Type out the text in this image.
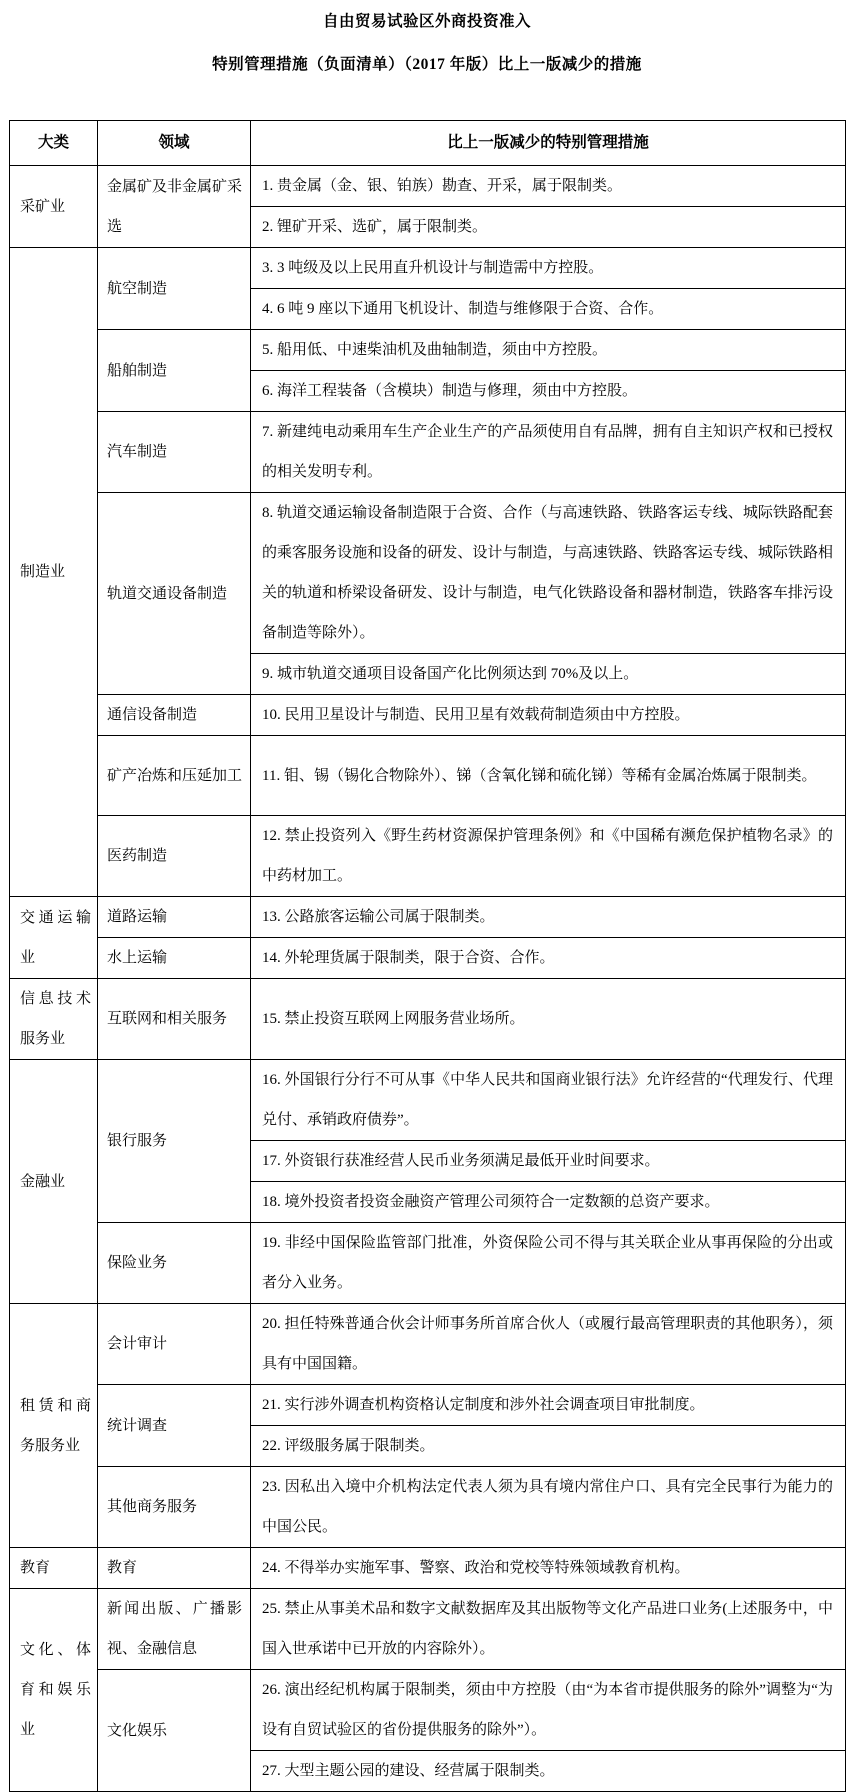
自由贸易试验区外商投资准入
特别管理措施（负面清单）（2017 年版）比上一版减少的措施
大类	领域	比上一版减少的特别管理措施
采矿业	金属矿及非金属矿采选	1. 贵金属（金、银、铂族）勘查、开采，属于限制类。
		2. 锂矿开采、选矿，属于限制类。
制造业	航空制造	3. 3 吨级及以上民用直升机设计与制造需中方控股。
		4. 6 吨 9 座以下通用飞机设计、制造与维修限于合资、合作。
	船舶制造	5. 船用低、中速柴油机及曲轴制造，须由中方控股。
		6. 海洋工程装备（含模块）制造与修理，须由中方控股。
	汽车制造	7. 新建纯电动乘用车生产企业生产的产品须使用自有品牌，拥有自主知识产权和已授权的相关发明专利。
	轨道交通设备制造	8. 轨道交通运输设备制造限于合资、合作（与高速铁路、铁路客运专线、城际铁路配套的乘客服务设施和设备的研发、设计与制造，与高速铁路、铁路客运专线、城际铁路相关的轨道和桥梁设备研发、设计与制造，电气化铁路设备和器材制造，铁路客车排污设备制造等除外）。
		9. 城市轨道交通项目设备国产化比例须达到 70%及以上。
	通信设备制造	10. 民用卫星设计与制造、民用卫星有效载荷制造须由中方控股。
	矿产冶炼和压延加工	11. 钼、锡（锡化合物除外）、锑（含氧化锑和硫化锑）等稀有金属冶炼属于限制类。
	医药制造	12. 禁止投资列入《野生药材资源保护管理条例》和《中国稀有濒危保护植物名录》的中药材加工。
交通运输业	道路运输	13. 公路旅客运输公司属于限制类。
	水上运输	14. 外轮理货属于限制类，限于合资、合作。
信息技术服务业	互联网和相关服务	15. 禁止投资互联网上网服务营业场所。
金融业	银行服务	16. 外国银行分行不可从事《中华人民共和国商业银行法》允许经营的“代理发行、代理兑付、承销政府债券”。
		17. 外资银行获准经营人民币业务须满足最低开业时间要求。
		18. 境外投资者投资金融资产管理公司须符合一定数额的总资产要求。
	保险业务	19. 非经中国保险监管部门批准，外资保险公司不得与其关联企业从事再保险的分出或者分入业务。
租赁和商务服务业	会计审计	20. 担任特殊普通合伙会计师事务所首席合伙人（或履行最高管理职责的其他职务），须具有中国国籍。
	统计调查	21. 实行涉外调查机构资格认定制度和涉外社会调查项目审批制度。
		22. 评级服务属于限制类。
	其他商务服务	23. 因私出入境中介机构法定代表人须为具有境内常住户口、具有完全民事行为能力的中国公民。
教育	教育	24. 不得举办实施军事、警察、政治和党校等特殊领域教育机构。
文化、体育和娱乐业	新闻出版、广播影视、金融信息	25. 禁止从事美术品和数字文献数据库及其出版物等文化产品进口业务(上述服务中，中国入世承诺中已开放的内容除外）。
	文化娱乐	26. 演出经纪机构属于限制类，须由中方控股（由“为本省市提供服务的除外”调整为“为设有自贸试验区的省份提供服务的除外”）。
		27. 大型主题公园的建设、经营属于限制类。
